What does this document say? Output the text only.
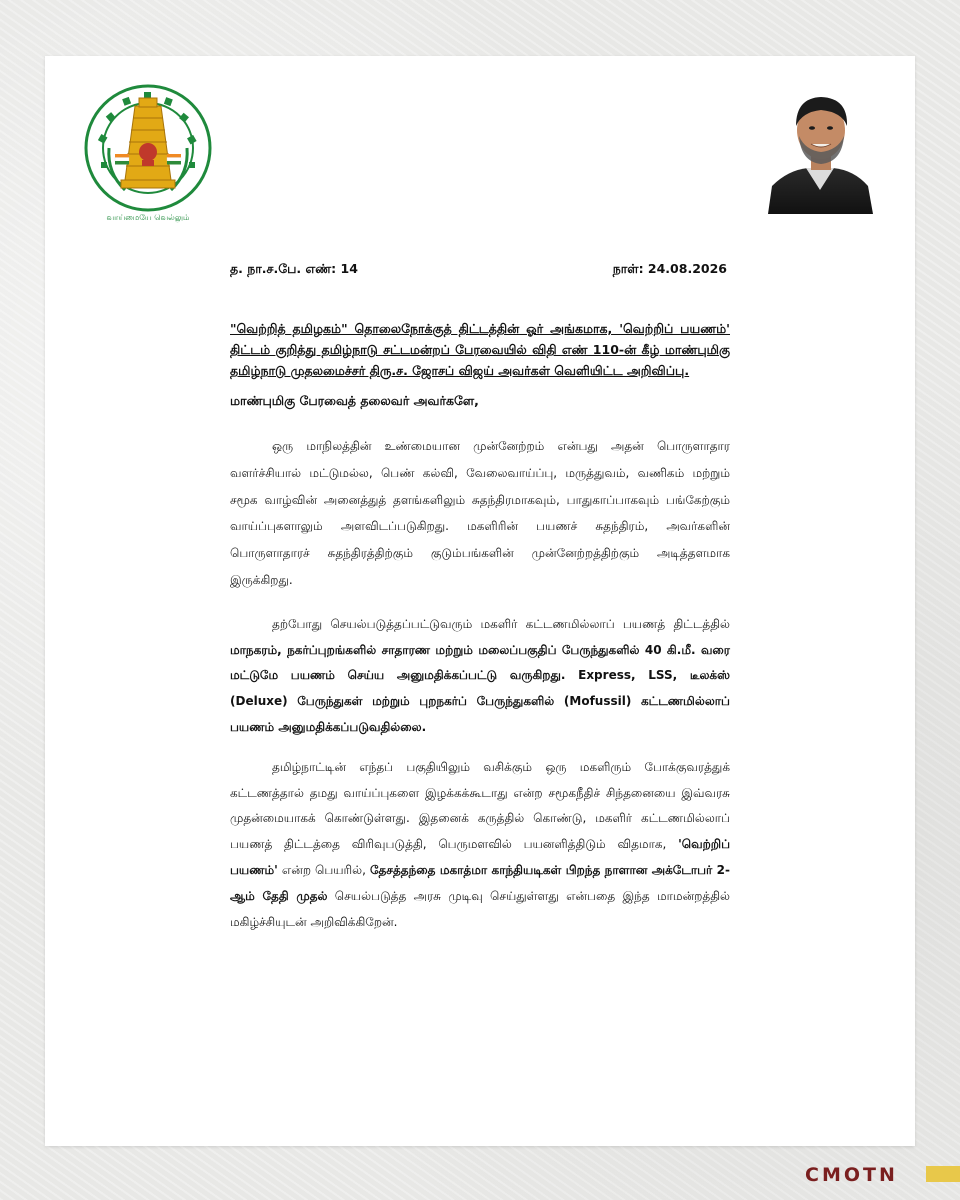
வாய்மையே வெல்லும்
த. நா.ச.பே. எண்: 14	நாள்: 24.08.2026

"வெற்றித் தமிழகம்" தொலைநோக்குத் திட்டத்தின் ஓர் அங்கமாக, 'வெற்றிப் பயணம்' திட்டம் குறித்து தமிழ்நாடு சட்டமன்றப் பேரவையில் விதி எண் 110-ன் கீழ் மாண்புமிகு தமிழ்நாடு முதலமைச்சர் திரு.ச. ஜோசப் விஜய் அவர்கள் வெளியிட்ட அறிவிப்பு.

மாண்புமிகு பேரவைத் தலைவர் அவர்களே,

ஒரு மாநிலத்தின் உண்மையான முன்னேற்றம் என்பது அதன் பொருளாதார வளர்ச்சியால் மட்டுமல்ல, பெண் கல்வி, வேலைவாய்ப்பு, மருத்துவம், வணிகம் மற்றும் சமூக வாழ்வின் அனைத்துத் தளங்களிலும் சுதந்திரமாகவும், பாதுகாப்பாகவும் பங்கேற்கும் வாய்ப்புகளாலும் அளவிடப்படுகிறது. மகளிரின் பயணச் சுதந்திரம், அவர்களின் பொருளாதாரச் சுதந்திரத்திற்கும் குடும்பங்களின் முன்னேற்றத்திற்கும் அடித்தளமாக இருக்கிறது.

தற்போது செயல்படுத்தப்பட்டுவரும் மகளிர் கட்டணமில்லாப் பயணத் திட்டத்தில் மாநகரம், நகர்ப்புறங்களில் சாதாரண மற்றும் மலைப்பகுதிப் பேருந்துகளில் 40 கி.மீ. வரை மட்டுமே பயணம் செய்ய அனுமதிக்கப்பட்டு வருகிறது. Express, LSS, டீலக்ஸ் (Deluxe) பேருந்துகள் மற்றும் புறநகர்ப் பேருந்துகளில் (Mofussil) கட்டணமில்லாப் பயணம் அனுமதிக்கப்படுவதில்லை.

தமிழ்நாட்டின் எந்தப் பகுதியிலும் வசிக்கும் ஒரு மகளிரும் போக்குவரத்துக் கட்டணத்தால் தமது வாய்ப்புகளை இழக்கக்கூடாது என்ற சமூகநீதிச் சிந்தனையை இவ்வரசு முதன்மையாகக் கொண்டுள்ளது. இதனைக் கருத்தில் கொண்டு, மகளிர் கட்டணமில்லாப் பயணத் திட்டத்தை விரிவுபடுத்தி, பெருமளவில் பயனளித்திடும் விதமாக, 'வெற்றிப் பயணம்' என்ற பெயரில், தேசத்தந்தை மகாத்மா காந்தியடிகள் பிறந்த நாளான அக்டோபர் 2-ஆம் தேதி முதல் செயல்படுத்த அரசு முடிவு செய்துள்ளது என்பதை இந்த மாமன்றத்தில் மகிழ்ச்சியுடன் அறிவிக்கிறேன்.

CMOTN
